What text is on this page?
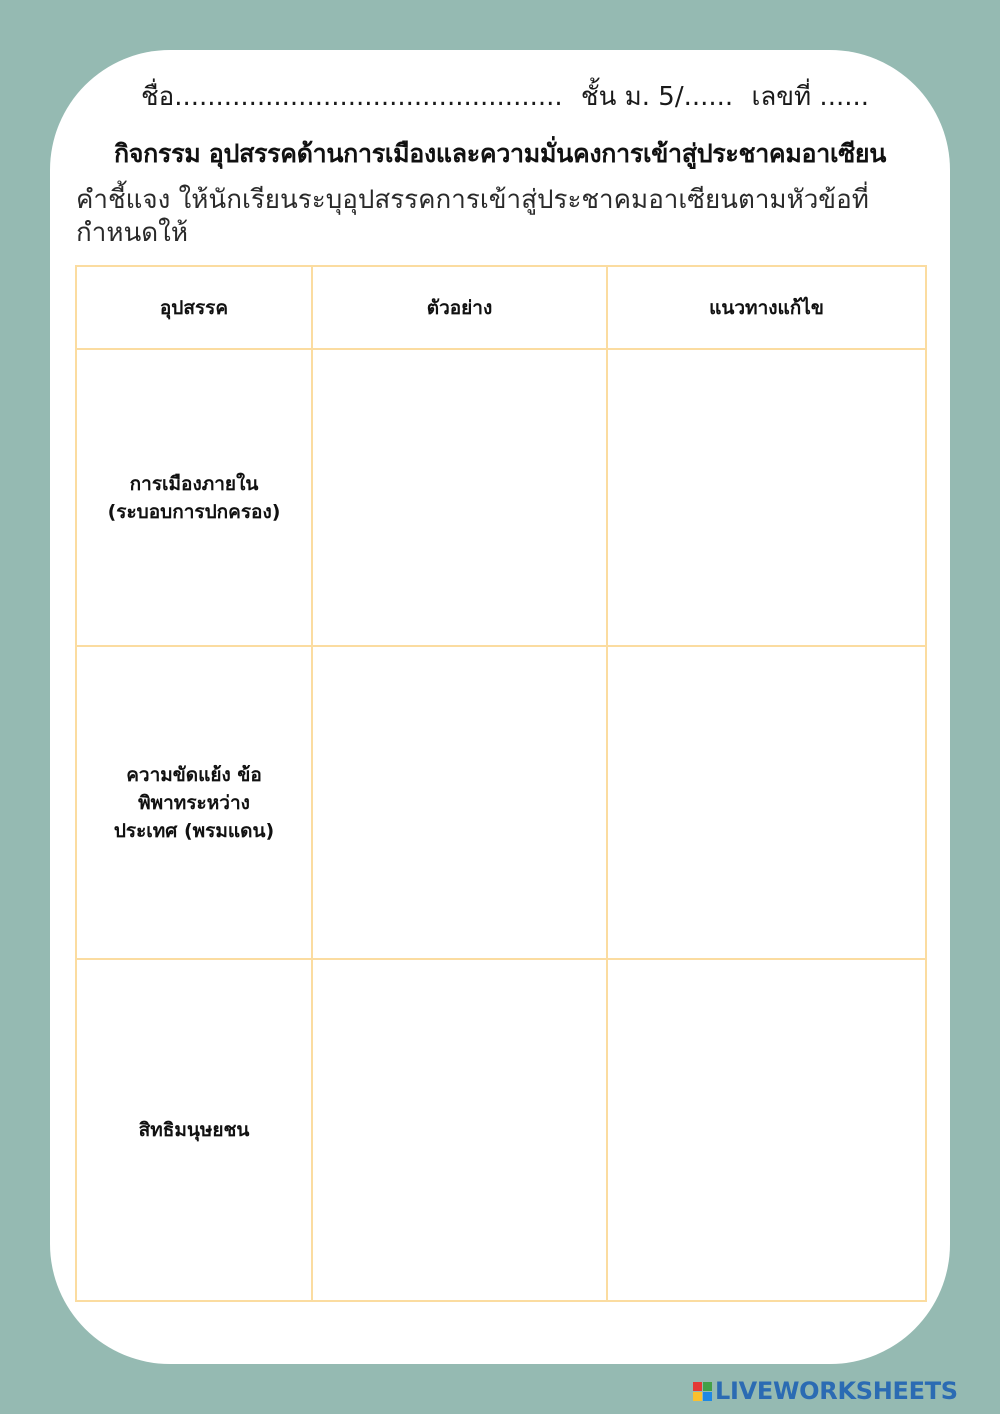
ชื่อ............................................... ชั้น ม. 5/...... เลขที่ ......
กิจกรรม อุปสรรคด้านการเมืองและความมั่นคงการเข้าสู่ประชาคมอาเซียน
คำชี้แจง ให้นักเรียนระบุอุปสรรคการเข้าสู่ประชาคมอาเซียนตามหัวข้อที่กำหนดให้
อุปสรรค	ตัวอย่าง	แนวทางแก้ไข

การเมืองภายใน
(ระบอบการปกครอง)		

ความขัดแย้ง ข้อ
พิพาทระหว่าง
ประเทศ (พรมแดน)		

สิทธิมนุษยชน		

LIVEWORKSHEETS
